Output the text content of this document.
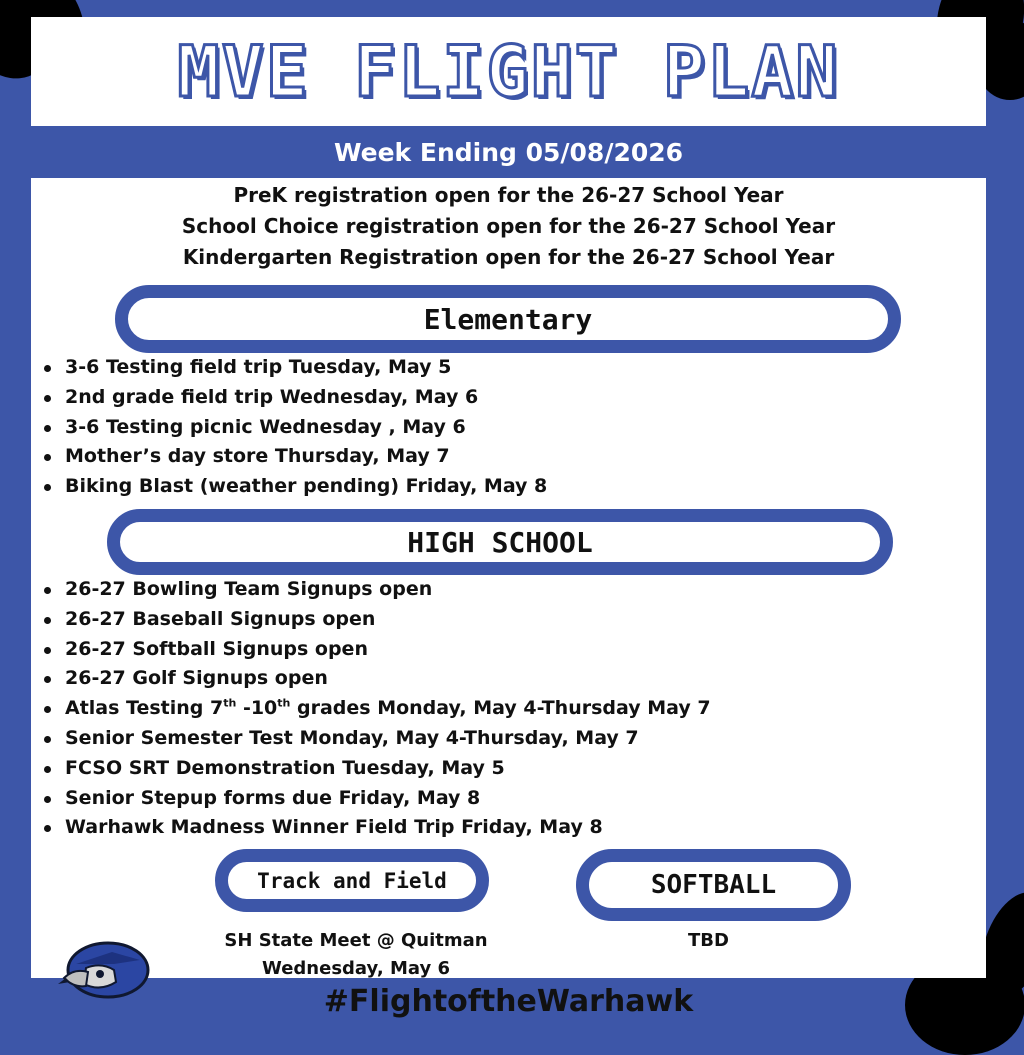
MVE FLIGHT PLAN
Week Ending 05/08/2026
PreK registration open for the 26-27 School Year
School Choice registration open for the 26-27 School Year
Kindergarten Registration open for the 26-27 School Year
Elementary
3-6 Testing field trip Tuesday, May 5
2nd grade field trip Wednesday, May 6
3-6 Testing picnic Wednesday , May 6
Mother’s day store Thursday, May 7
Biking Blast (weather pending) Friday, May 8
HIGH SCHOOL
26-27 Bowling Team Signups open
26-27 Baseball Signups open
26-27 Softball Signups open
26-27 Golf Signups open
Atlas Testing 7th -10th grades Monday, May 4-Thursday May 7
Senior Semester Test Monday, May 4-Thursday, May 7
FCSO SRT Demonstration Tuesday, May 5
Senior Stepup forms due Friday, May 8
Warhawk Madness Winner Field Trip Friday, May 8
Track and Field
SH State Meet @ Quitman
Wednesday, May 6
SOFTBALL
TBD
#FlightoftheWarhawk
